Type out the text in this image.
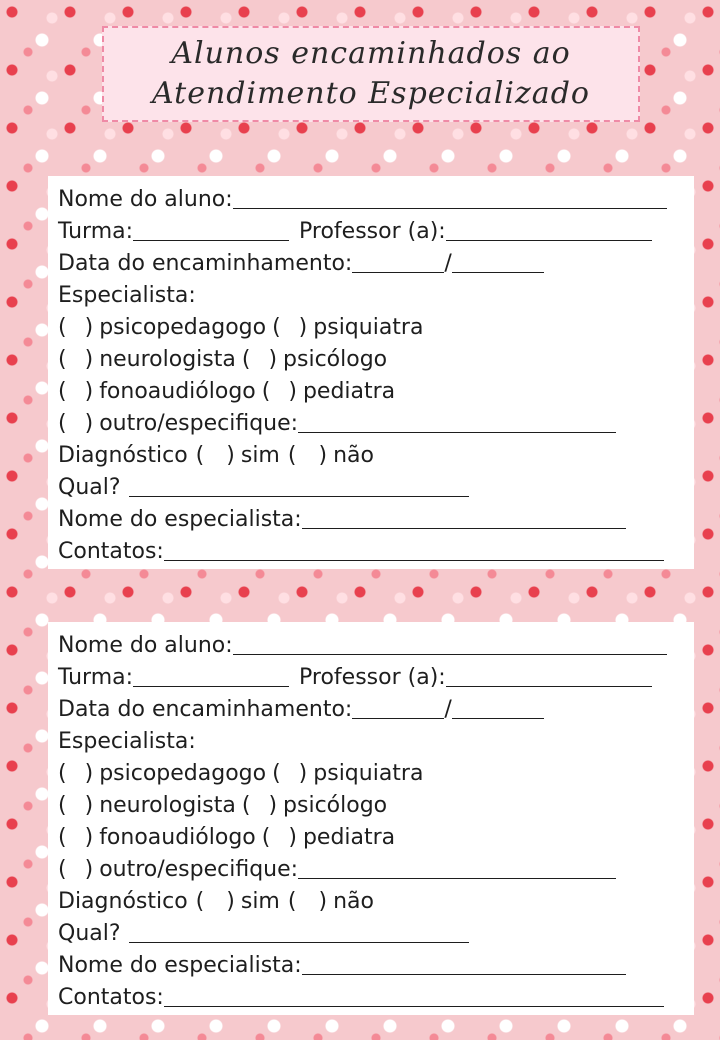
Alunos encaminhados ao
Atendimento Especializado
Nome do aluno:
Turma:	Professor (a):
Data do encaminhamento:	/
Especialista:
( ) psicopedagogo ( ) psiquiatra
( ) neurologista ( ) psicólogo
( ) fonoaudiólogo ( ) pediatra
( ) outro/especifique:
Diagnóstico ( ) sim ( ) não
Qual?
Nome do especialista:
Contatos:
Nome do aluno:
Turma:	Professor (a):
Data do encaminhamento:	/
Especialista:
( ) psicopedagogo ( ) psiquiatra
( ) neurologista ( ) psicólogo
( ) fonoaudiólogo ( ) pediatra
( ) outro/especifique:
Diagnóstico ( ) sim ( ) não
Qual?
Nome do especialista:
Contatos:
